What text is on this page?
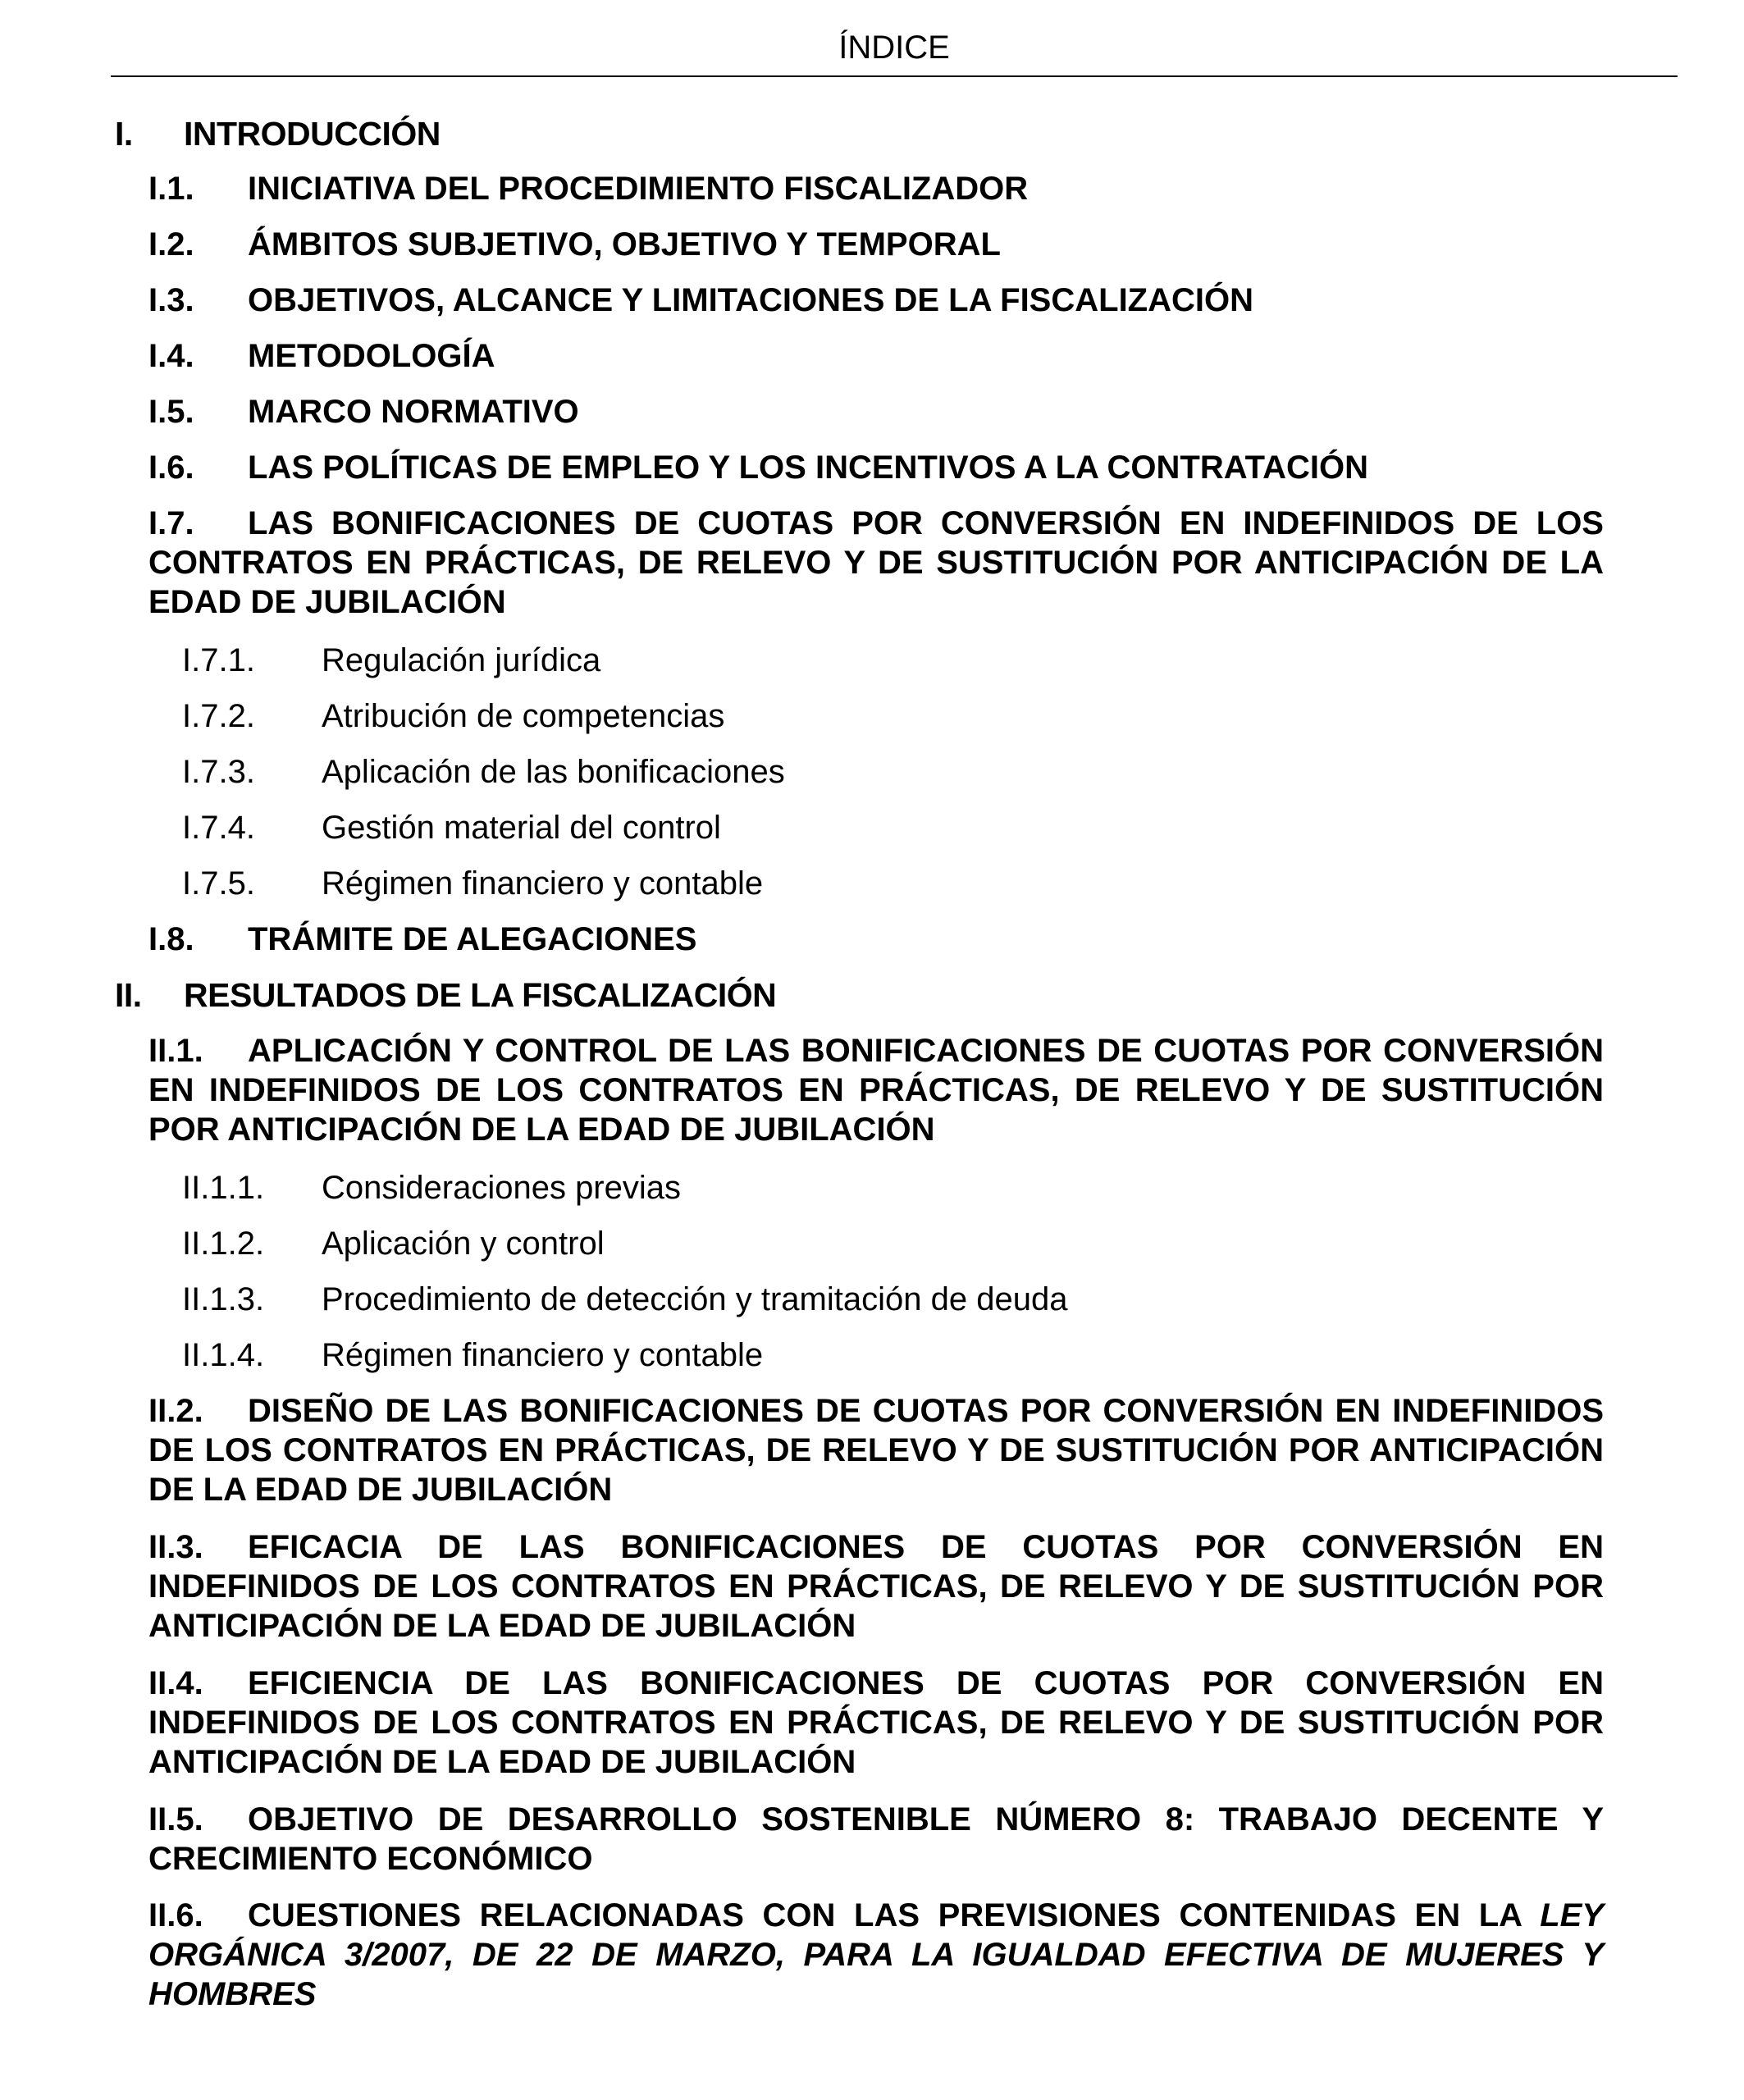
ÍNDICE
I. INTRODUCCIÓN
I.1. INICIATIVA DEL PROCEDIMIENTO FISCALIZADOR
I.2. ÁMBITOS SUBJETIVO, OBJETIVO Y TEMPORAL
I.3. OBJETIVOS, ALCANCE Y LIMITACIONES DE LA FISCALIZACIÓN
I.4. METODOLOGÍA
I.5. MARCO NORMATIVO
I.6. LAS POLÍTICAS DE EMPLEO Y LOS INCENTIVOS A LA CONTRATACIÓN
I.7. LAS BONIFICACIONES DE CUOTAS POR CONVERSIÓN EN INDEFINIDOS DE LOS CONTRATOS EN PRÁCTICAS, DE RELEVO Y DE SUSTITUCIÓN POR ANTICIPACIÓN DE LA EDAD DE JUBILACIÓN
I.7.1. Regulación jurídica
I.7.2. Atribución de competencias
I.7.3. Aplicación de las bonificaciones
I.7.4. Gestión material del control
I.7.5. Régimen financiero y contable
I.8. TRÁMITE DE ALEGACIONES
II. RESULTADOS DE LA FISCALIZACIÓN
II.1. APLICACIÓN Y CONTROL DE LAS BONIFICACIONES DE CUOTAS POR CONVERSIÓN EN INDEFINIDOS DE LOS CONTRATOS EN PRÁCTICAS, DE RELEVO Y DE SUSTITUCIÓN POR ANTICIPACIÓN DE LA EDAD DE JUBILACIÓN
II.1.1. Consideraciones previas
II.1.2. Aplicación y control
II.1.3. Procedimiento de detección y tramitación de deuda
II.1.4. Régimen financiero y contable
II.2. DISEÑO DE LAS BONIFICACIONES DE CUOTAS POR CONVERSIÓN EN INDEFINIDOS DE LOS CONTRATOS EN PRÁCTICAS, DE RELEVO Y DE SUSTITUCIÓN POR ANTICIPACIÓN DE LA EDAD DE JUBILACIÓN
II.3. EFICACIA DE LAS BONIFICACIONES DE CUOTAS POR CONVERSIÓN EN INDEFINIDOS DE LOS CONTRATOS EN PRÁCTICAS, DE RELEVO Y DE SUSTITUCIÓN POR ANTICIPACIÓN DE LA EDAD DE JUBILACIÓN
II.4. EFICIENCIA DE LAS BONIFICACIONES DE CUOTAS POR CONVERSIÓN EN INDEFINIDOS DE LOS CONTRATOS EN PRÁCTICAS, DE RELEVO Y DE SUSTITUCIÓN POR ANTICIPACIÓN DE LA EDAD DE JUBILACIÓN
II.5. OBJETIVO DE DESARROLLO SOSTENIBLE NÚMERO 8: TRABAJO DECENTE Y CRECIMIENTO ECONÓMICO
II.6. CUESTIONES RELACIONADAS CON LAS PREVISIONES CONTENIDAS EN LA LEY ORGÁNICA 3/2007, DE 22 DE MARZO, PARA LA IGUALDAD EFECTIVA DE MUJERES Y HOMBRES
